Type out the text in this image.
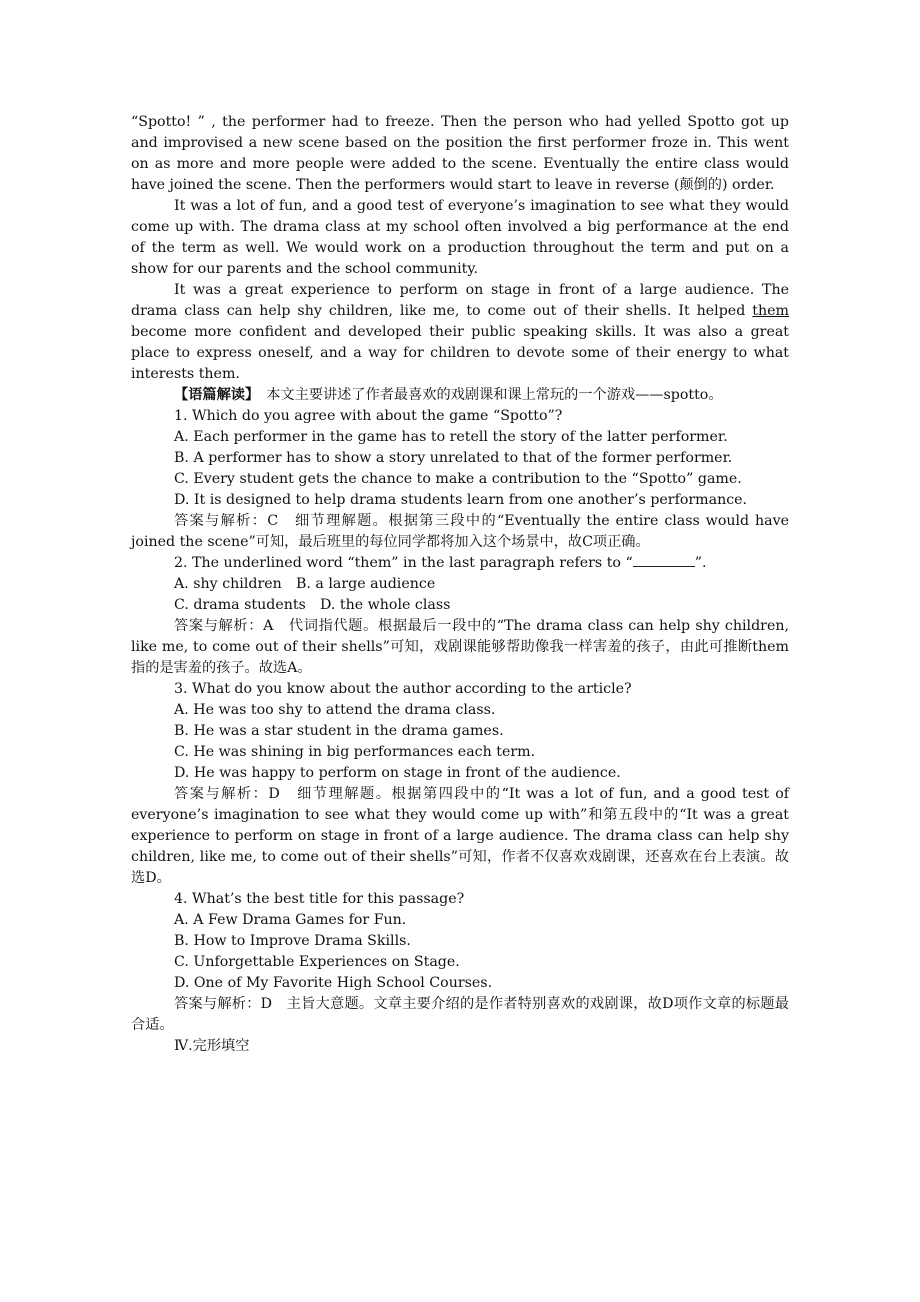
“Spotto! ” , the performer had to freeze. Then the person who had yelled Spotto got up and improvised a new scene based on the position the first performer froze in. This went on as more and more people were added to the scene. Eventually the entire class would have joined the scene. Then the performers would start to leave in reverse (颠倒的) order.

It was a lot of fun, and a good test of everyone’s imagination to see what they would come up with. The drama class at my school often involved a big performance at the end of the term as well. We would work on a production throughout the term and put on a show for our parents and the school community.

It was a great experience to perform on stage in front of a large audience. The drama class can help shy children, like me, to come out of their shells. It helped them become more confident and developed their public speaking skills. It was also a great place to express oneself, and a way for children to devote some of their energy to what interests them.

【语篇解读】　本文主要讲述了作者最喜欢的戏剧课和课上常玩的一个游戏——spotto。

1. Which do you agree with about the game “Spotto”?

A. Each performer in the game has to retell the story of the latter performer.

B. A performer has to show a story unrelated to that of the former performer.

C. Every student gets the chance to make a contribution to the “Spotto” game.

D. It is designed to help drama students learn from one another’s performance.

答案与解析：C　细节理解题。根据第三段中的“Eventually the entire class would have joined the scene”可知，最后班里的每位同学都将加入这个场景中，故C项正确。

2. The underlined word “them” in the last paragraph refers to “	”.

A. shy children　B. a large audience

C. drama students　D. the whole class

答案与解析：A　代词指代题。根据最后一段中的“The drama class can help shy children, like me, to come out of their shells”可知，戏剧课能够帮助像我一样害羞的孩子，由此可推断them指的是害羞的孩子。故选A。

3. What do you know about the author according to the article?

A. He was too shy to attend the drama class.

B. He was a star student in the drama games.

C. He was shining in big performances each term.

D. He was happy to perform on stage in front of the audience.

答案与解析：D　细节理解题。根据第四段中的“It was a lot of fun, and a good test of everyone’s imagination to see what they would come up with”和第五段中的“It was a great experience to perform on stage in front of a large audience. The drama class can help shy children, like me, to come out of their shells”可知，作者不仅喜欢戏剧课，还喜欢在台上表演。故选D。

4. What’s the best title for this passage?

A. A Few Drama Games for Fun.

B. How to Improve Drama Skills.

C. Unforgettable Experiences on Stage.

D. One of My Favorite High School Courses.

答案与解析：D　主旨大意题。文章主要介绍的是作者特别喜欢的戏剧课，故D项作文章的标题最合适。

Ⅳ.完形填空
